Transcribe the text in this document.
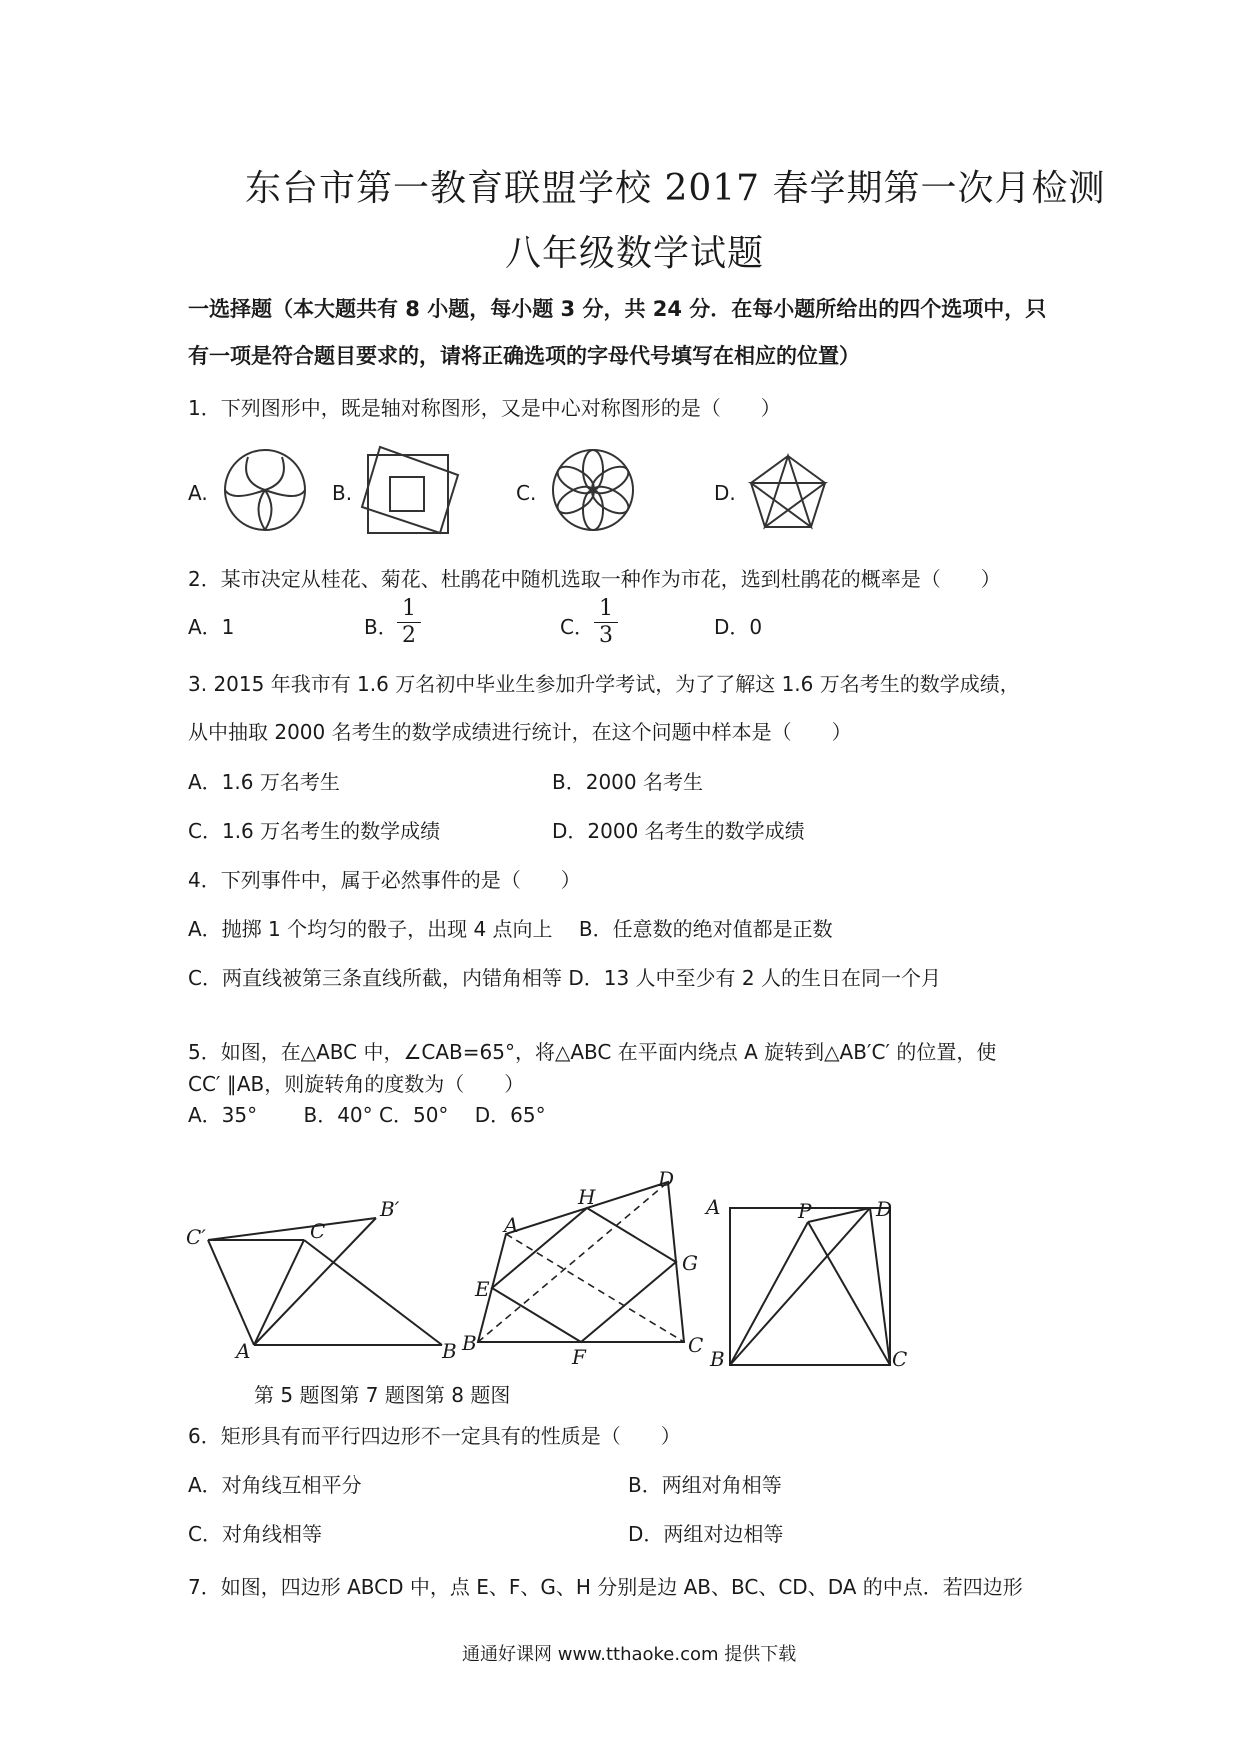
东台市第一教育联盟学校 2017 春学期第一次月检测
八年级数学试题
一选择题（本大题共有 8 小题，每小题 3 分，共 24 分．在每小题所给出的四个选项中，只
有一项是符合题目要求的，请将正确选项的字母代号填写在相应的位置）
1．下列图形中，既是轴对称图形，又是中心对称图形的是（　　）
A.	B.	C.	D.
2．某市决定从桂花、菊花、杜鹃花中随机选取一种作为市花，选到杜鹃花的概率是（　　）
A．1	B．
1
2	C．
1
3	D．0
3. 2015 年我市有 1.6 万名初中毕业生参加升学考试，为了了解这 1.6 万名考生的数学成绩，
从中抽取 2000 名考生的数学成绩进行统计，在这个问题中样本是（　　）
A．1.6 万名考生	B．2000 名考生
C．1.6 万名考生的数学成绩	D．2000 名考生的数学成绩
4．下列事件中，属于必然事件的是（　　）
A．抛掷 1 个均匀的骰子，出现 4 点向上　 B．任意数的绝对值都是正数
C．两直线被第三条直线所截，内错角相等 D．13 人中至少有 2 人的生日在同一个月
5．如图，在△ABC 中，∠CAB=65°，将△ABC 在平面内绕点 A 旋转到△AB′C′ 的位置，使
CC′ ∥AB，则旋转角的度数为（　　）
A．35°　　 B．40° C．50°　 D．65°
C′	C
B′
A	B
A
H
D
E
G
B
F	C
A	P	D
B	C
第 5 题图第 7 题图第 8 题图
6．矩形具有而平行四边形不一定具有的性质是（　　）
A．对角线互相平分	B．两组对角相等
C．对角线相等	D．两组对边相等
7．如图，四边形 ABCD 中，点 E、F、G、H 分别是边 AB、BC、CD、DA 的中点．若四边形
通通好课网 www.tthaoke.com 提供下载
